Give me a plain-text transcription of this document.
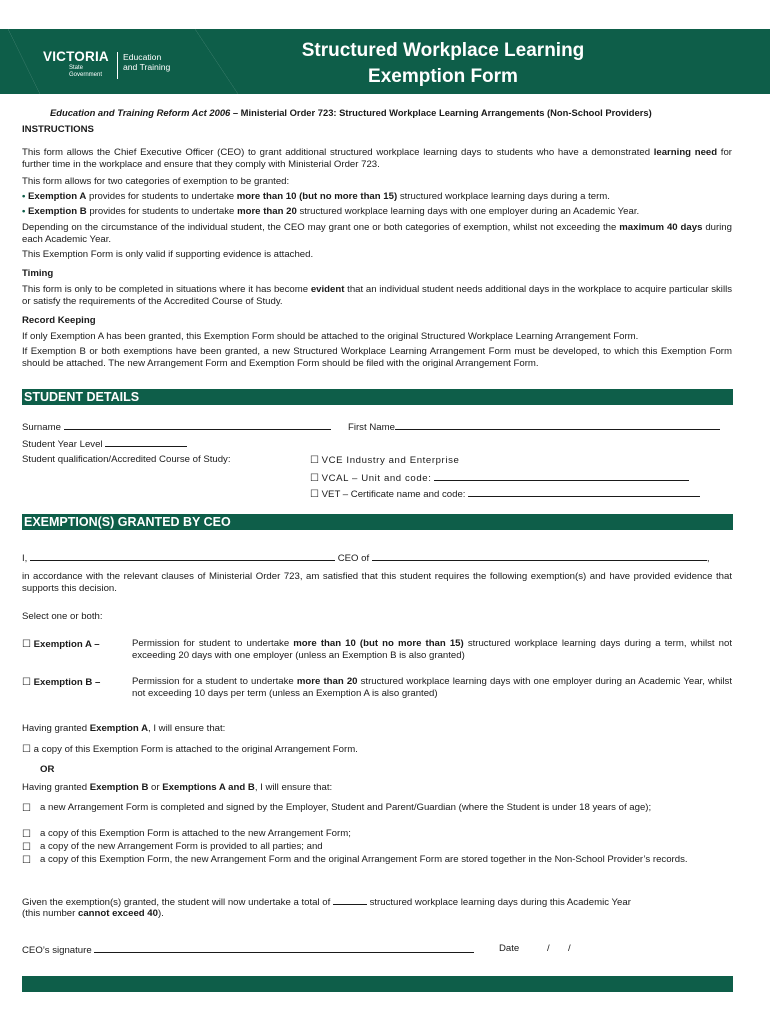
VICTORIA
State
Government
Education
and Training
Structured Workplace Learning
Exemption Form
Education and Training Reform Act 2006 – Ministerial Order 723: Structured Workplace Learning Arrangements (Non-School Providers)
INSTRUCTIONS

This form allows the Chief Executive Officer (CEO) to grant additional structured workplace learning days to students who have a demonstrated learning need for further time in the workplace and ensure that they comply with Ministerial Order 723.

This form allows for two categories of exemption to be granted:

• Exemption A provides for students to undertake more than 10 (but no more than 15) structured workplace learning days during a term.

• Exemption B provides for students to undertake more than 20 structured workplace learning days with one employer during an Academic Year.

Depending on the circumstance of the individual student, the CEO may grant one or both categories of exemption, whilst not exceeding the maximum 40 days during each Academic Year.

This Exemption Form is only valid if supporting evidence is attached.

Timing

This form is only to be completed in situations where it has become evident that an individual student needs additional days in the workplace to acquire particular skills or satisfy the requirements of the Accredited Course of Study.

Record Keeping

If only Exemption A has been granted, this Exemption Form should be attached to the original Structured Workplace Learning Arrangement Form.

If Exemption B or both exemptions have been granted, a new Structured Workplace Learning Arrangement Form must be developed, to which this Exemption Form should be attached. The new Arrangement Form and Exemption Form should be filed with the original Arrangement Form.

STUDENT DETAILS
Surname	First Name
Student Year Level
Student qualification/Accredited Course of Study:	☐ VCE Industry and Enterprise
☐ VCAL – Unit and code:
☐ VET – Certificate name and code:
EXEMPTION(S) GRANTED BY CEO
I,	CEO of	,

in accordance with the relevant clauses of Ministerial Order 723, am satisfied that this student requires the following exemption(s) and have provided evidence that supports this decision.

Select one or both:

☐ Exemption A –	Permission for student to undertake more than 10 (but no more than 15) structured workplace learning days during a term, whilst not exceeding 20 days with one employer (unless an Exemption B is also granted)

☐ Exemption B –	Permission for a student to undertake more than 20 structured workplace learning days with one employer during an Academic Year, whilst not exceeding 10 days per term (unless an Exemption A is also granted)

Having granted Exemption A, I will ensure that:

☐ a copy of this Exemption Form is attached to the original Arrangement Form.
OR

Having granted Exemption B or Exemptions A and B, I will ensure that:

☐ a new Arrangement Form is completed and signed by the Employer, Student and Parent/Guardian (where the Student is under 18 years of age);

☐ a copy of this Exemption Form is attached to the new Arrangement Form;

☐ a copy of the new Arrangement Form is provided to all parties; and

☐ a copy of this Exemption Form, the new Arrangement Form and the original Arrangement Form are stored together in the Non-School Provider’s records.

Given the exemption(s) granted, the student will now undertake a total of	structured workplace learning days during this Academic Year

(this number cannot exceed 40).

CEO’s signature	Date	/ /
